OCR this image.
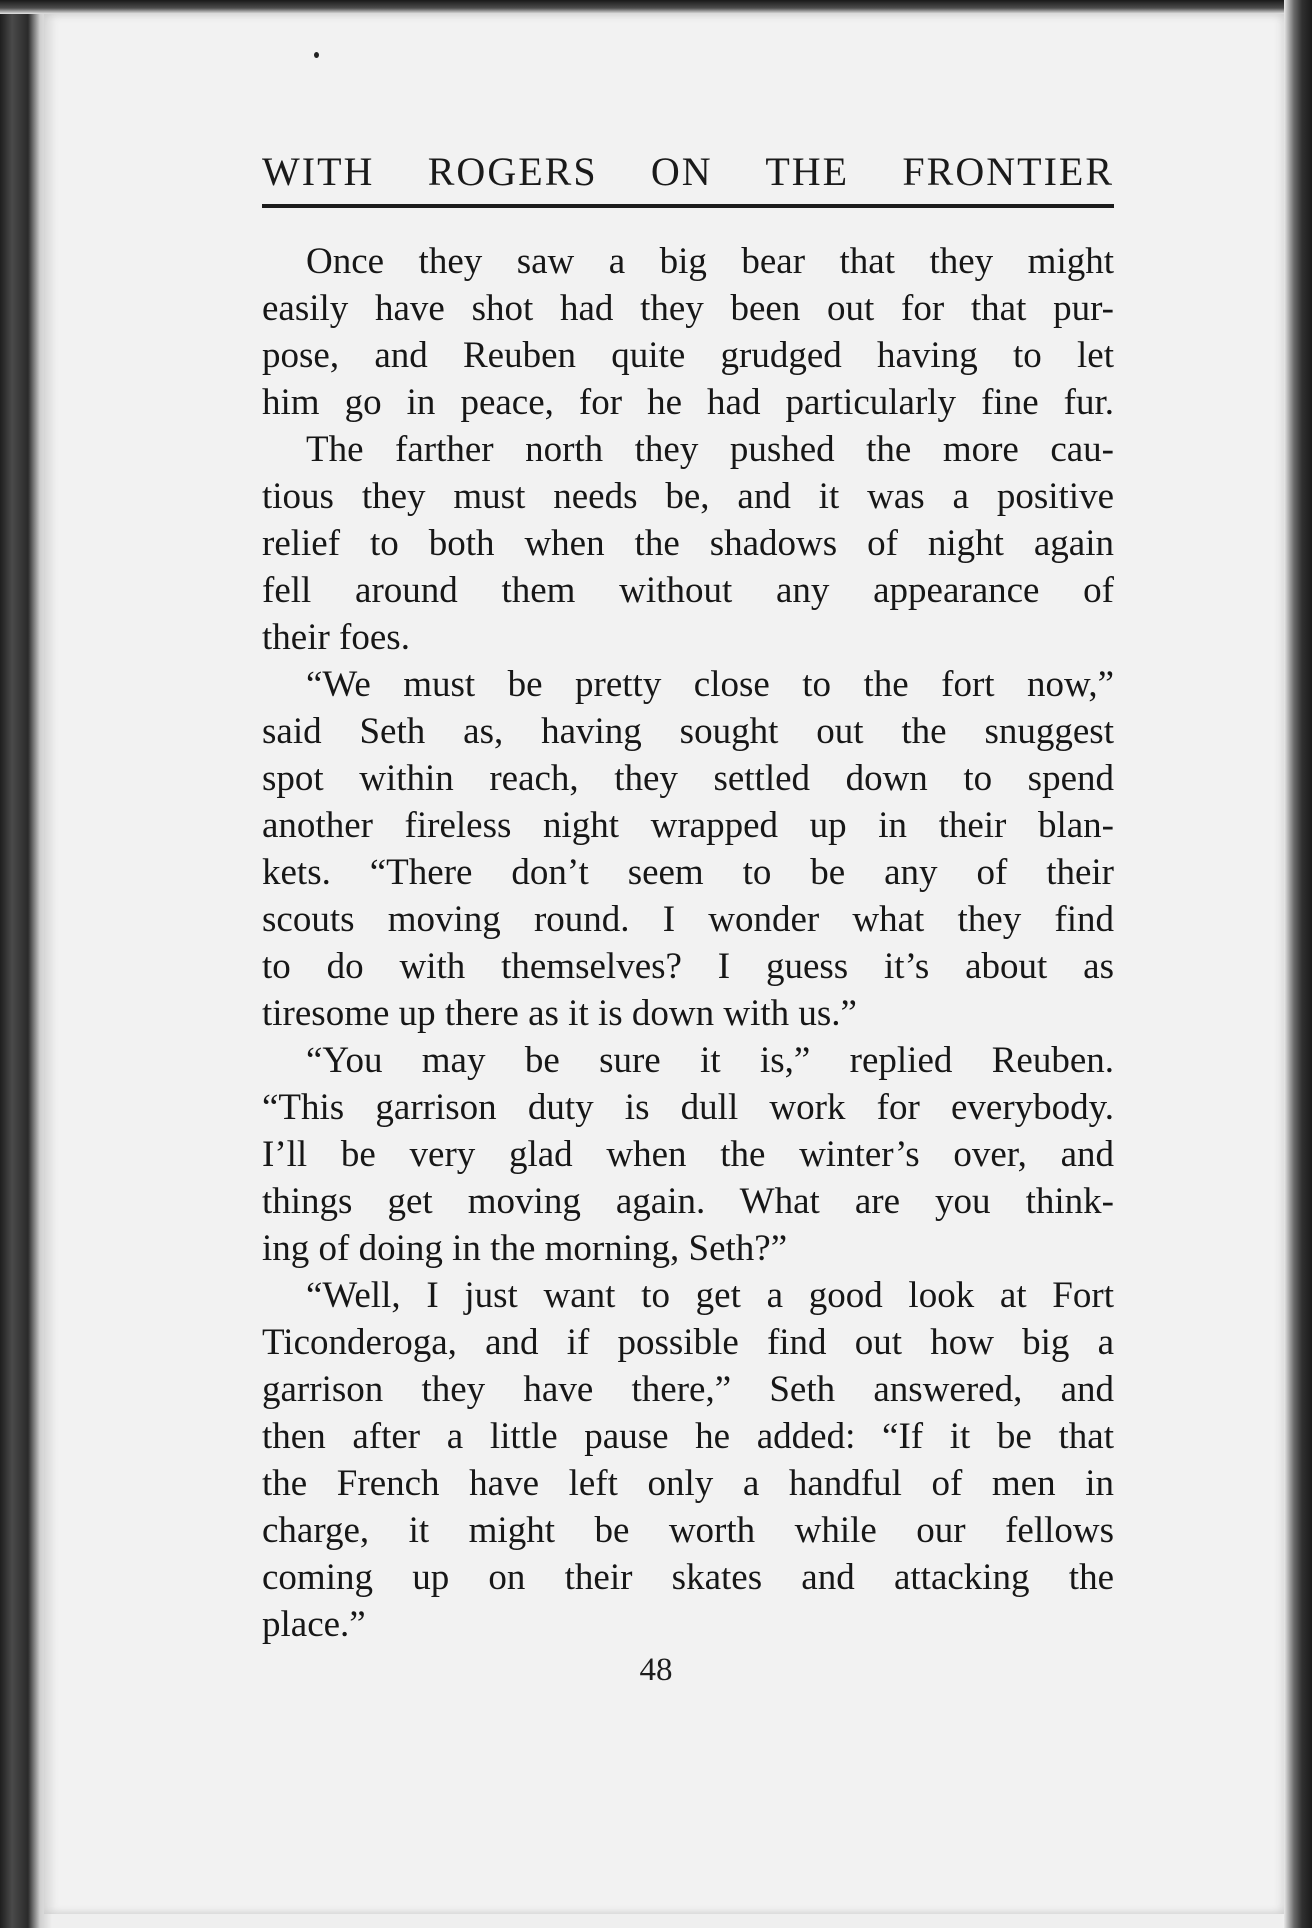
WITH ROGERS ON THE FRONTIER
Once they saw a big bear that they might
easily have shot had they been out for that pur-
pose, and Reuben quite grudged having to let
him go in peace, for he had particularly fine fur.
The farther north they pushed the more cau-
tious they must needs be, and it was a positive
relief to both when the shadows of night again
fell around them without any appearance of
their foes.
“We must be pretty close to the fort now,”
said Seth as, having sought out the snuggest
spot within reach, they settled down to spend
another fireless night wrapped up in their blan-
kets. “There don’t seem to be any of their
scouts moving round. I wonder what they find
to do with themselves? I guess it’s about as
tiresome up there as it is down with us.”
“You may be sure it is,” replied Reuben.
“This garrison duty is dull work for everybody.
I’ll be very glad when the winter’s over, and
things get moving again. What are you think-
ing of doing in the morning, Seth?”
“Well, I just want to get a good look at Fort
Ticonderoga, and if possible find out how big a
garrison they have there,” Seth answered, and
then after a little pause he added: “If it be that
the French have left only a handful of men in
charge, it might be worth while our fellows
coming up on their skates and attacking the
place.”
48
